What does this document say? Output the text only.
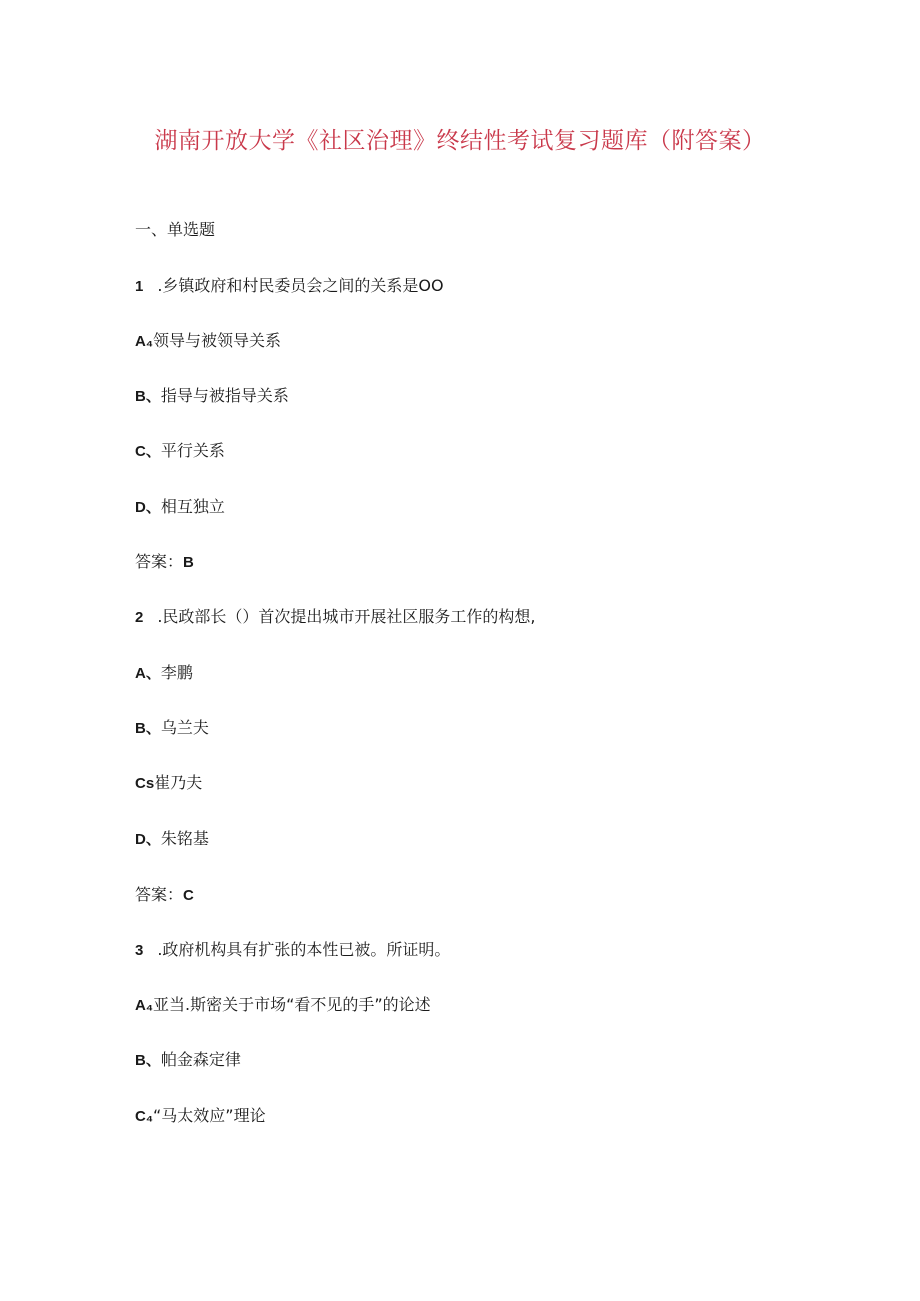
湖南开放大学《社区治理》终结性考试复习题库（附答案）
一、单选题
1 .乡镇政府和村民委员会之间的关系是OO
A₄领导与被领导关系
B、指导与被指导关系
C、平行关系
D、相互独立
答案：B
2 .民政部长（）首次提出城市开展社区服务工作的构想,
A、李鹏
B、乌兰夫
Cs崔乃夫
D、朱铭基
答案：C
3 .政府机构具有扩张的本性已被。所证明。
A₄亚当.斯密关于市场“看不见的手”的论述
B、帕金森定律
C₄“马太效应”理论
